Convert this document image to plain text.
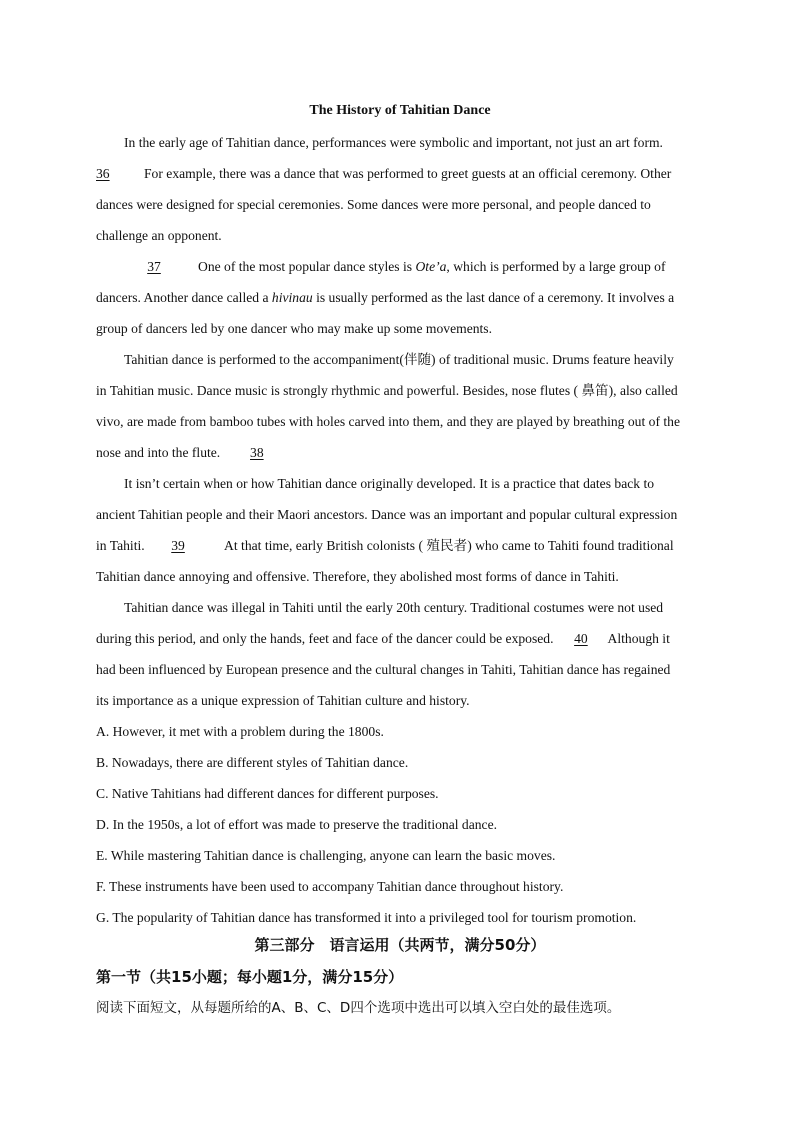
The History of Tahitian Dance
In the early age of Tahitian dance, performances were symbolic and important, not just an art form.
36	For example, there was a dance that was performed to greet guests at an official ceremony. Other
dances were designed for special ceremonies. Some dances were more personal, and people danced to
challenge an opponent.
37	One of the most popular dance styles is Ote’a, which is performed by a large group of
dancers. Another dance called a hivinau is usually performed as the last dance of a ceremony. It involves a
group of dancers led by one dancer who may make up some movements.
Tahitian dance is performed to the accompaniment(伴随) of traditional music. Drums feature heavily
in Tahitian music. Dance music is strongly rhythmic and powerful. Besides, nose flutes ( 鼻笛), also called
vivo, are made from bamboo tubes with holes carved into them, and they are played by breathing out of the
nose and into the flute. 38
It isn’t certain when or how Tahitian dance originally developed. It is a practice that dates back to
ancient Tahitian people and their Maori ancestors. Dance was an important and popular cultural expression
in Tahiti. 39	At that time, early British colonists ( 殖民者) who came to Tahiti found traditional
Tahitian dance annoying and offensive. Therefore, they abolished most forms of dance in Tahiti.
Tahitian dance was illegal in Tahiti until the early 20th century. Traditional costumes were not used
during this period, and only the hands, feet and face of the dancer could be exposed. 40 Although it
had been influenced by European presence and the cultural changes in Tahiti, Tahitian dance has regained
its importance as a unique expression of Tahitian culture and history.
A. However, it met with a problem during the 1800s.
B. Nowadays, there are different styles of Tahitian dance.
C. Native Tahitians had different dances for different purposes.
D. In the 1950s, a lot of effort was made to preserve the traditional dance.
E. While mastering Tahitian dance is challenging, anyone can learn the basic moves.
F. These instruments have been used to accompany Tahitian dance throughout history.
G. The popularity of Tahitian dance has transformed it into a privileged tool for tourism promotion.
第三部分　语言运用（共两节，满分50分）
第一节（共15小题；每小题1分，满分15分）
阅读下面短文，从每题所给的A、B、C、D四个选项中选出可以填入空白处的最佳选项。
